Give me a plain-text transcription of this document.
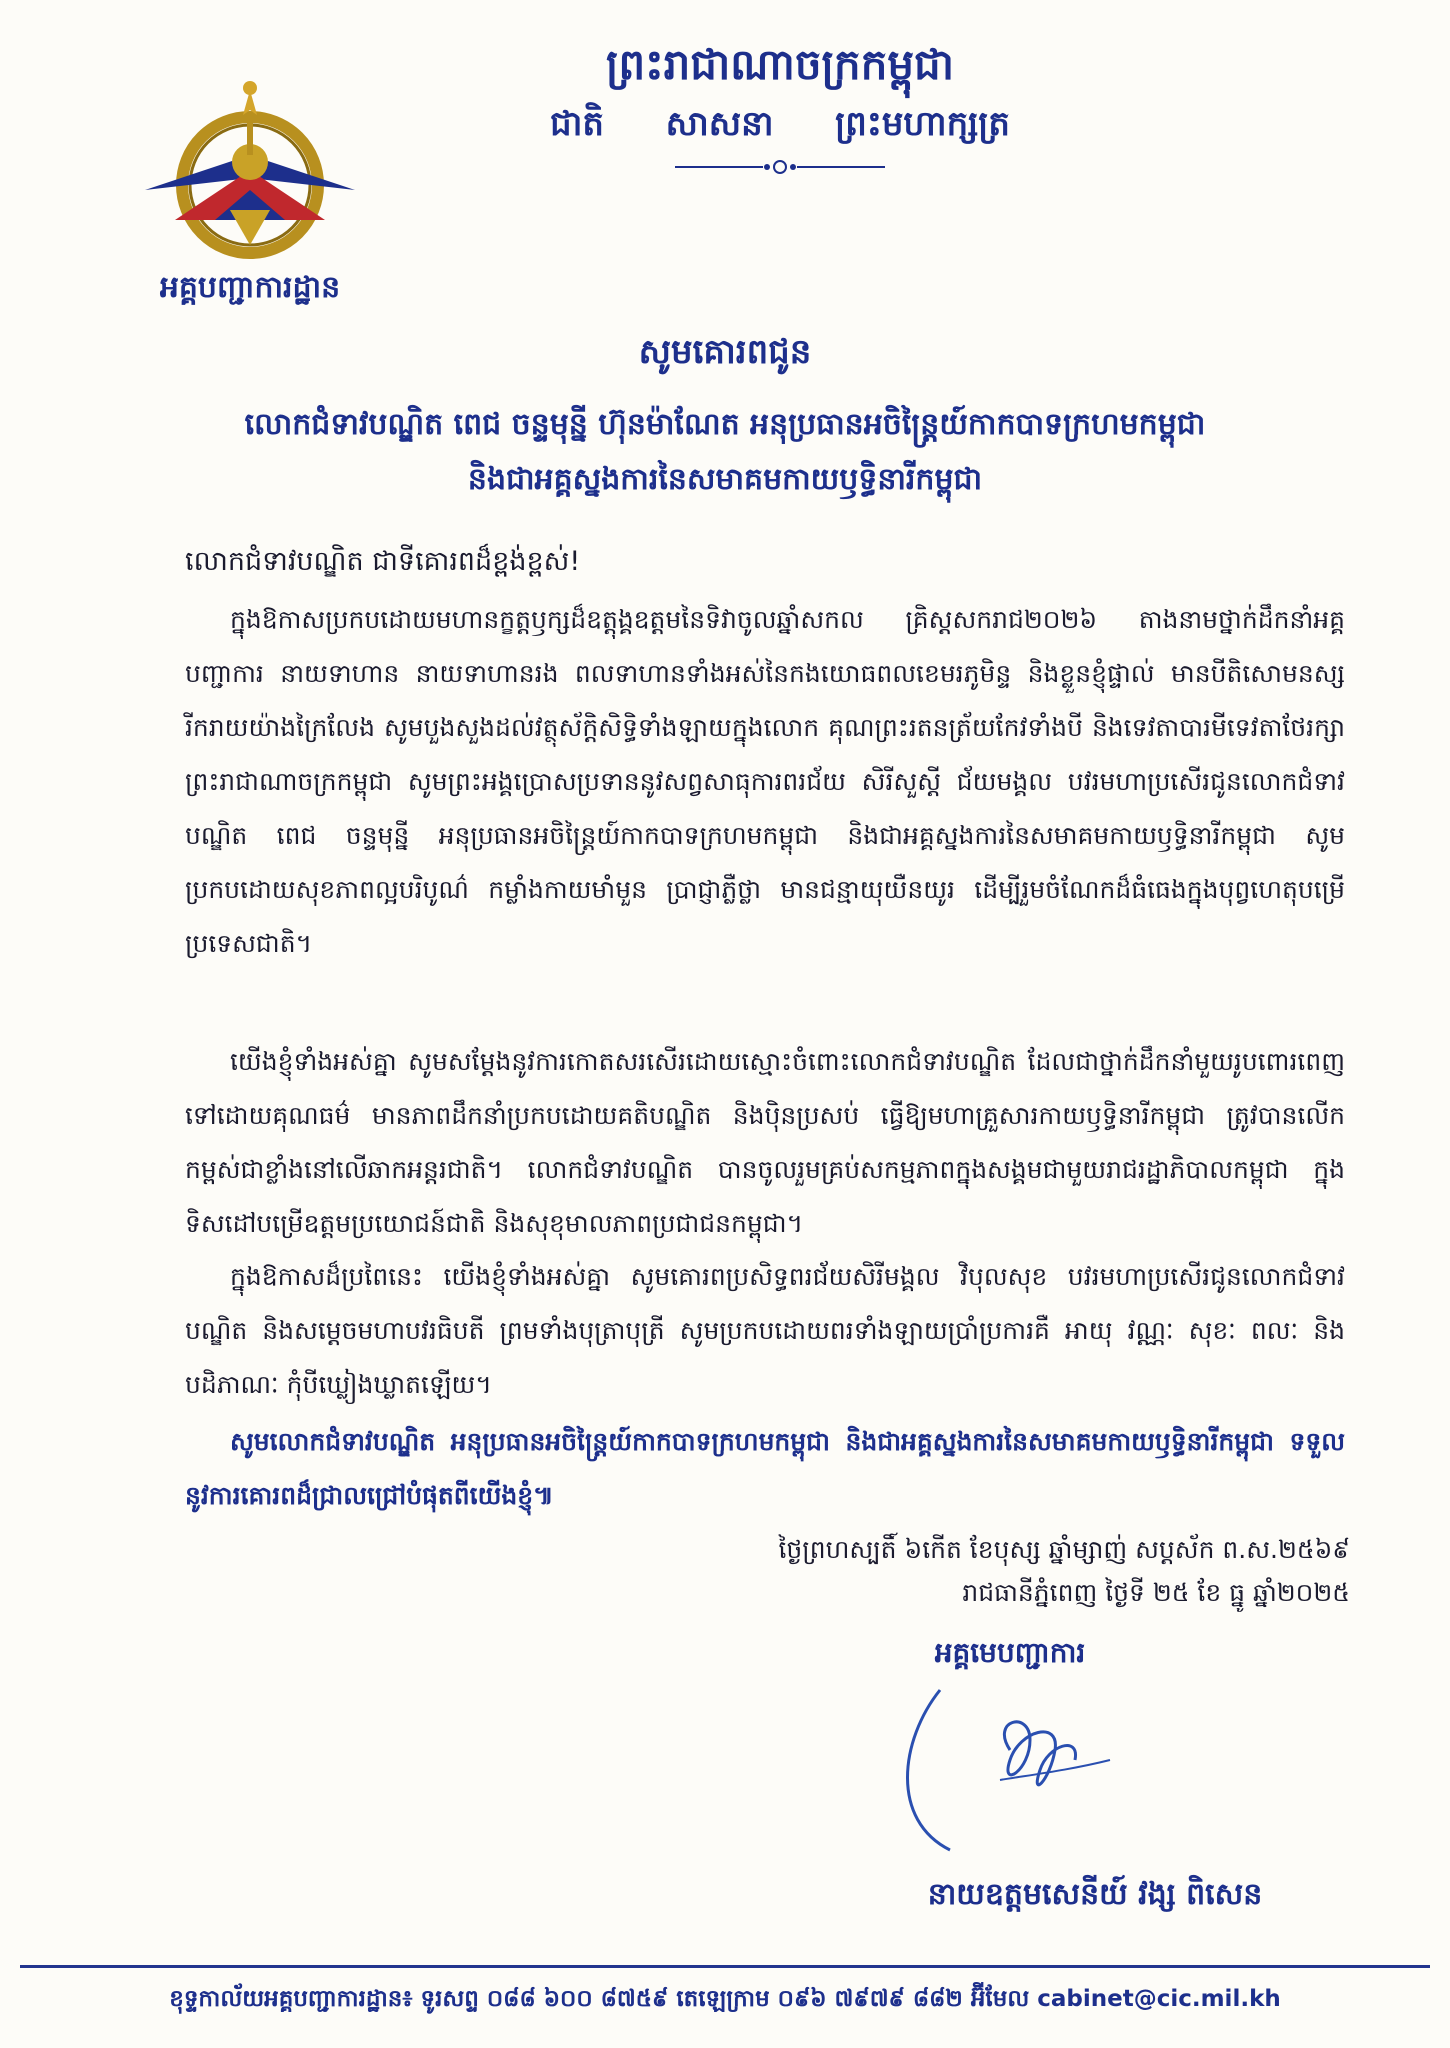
អគ្គបញ្ជាការដ្ឋាន
ព្រះរាជាណាចក្រកម្ពុជា
ជាតិ សាសនា ព្រះមហាក្សត្រ
សូមគោរពជូន
លោកជំទាវបណ្ឌិត ពេជ ចន្ទមុន្នី ហ៊ុនម៉ាណែត អនុប្រធានអចិន្ត្រៃយ៍កាកបាទក្រហមកម្ពុជា
និងជាអគ្គស្នងការនៃសមាគមកាយឫទ្ធិនារីកម្ពុជា
លោកជំទាវបណ្ឌិត ជាទីគោរពដ៏ខ្ពង់ខ្ពស់!

ក្នុងឱកាសប្រកបដោយមហានក្ខត្តឫក្សដ៏ឧត្តុង្គឧត្តមនៃទិវាចូលឆ្នាំសកល គ្រិស្តសករាជ២០២៦ តាងនាមថ្នាក់ដឹកនាំអគ្គបញ្ជាការ នាយទាហាន នាយទាហានរង ពលទាហានទាំងអស់នៃកងយោធពលខេមរភូមិន្ទ និងខ្លួនខ្ញុំផ្ទាល់ មានបីតិសោមនស្សរីករាយយ៉ាងក្រៃលែង សូមបួងសួងដល់វត្ថុស័ក្តិសិទ្ធិទាំងឡាយក្នុងលោក គុណព្រះរតនត្រ័យកែវទាំងបី និងទេវតាបារមីទេវតាថែរក្សាព្រះរាជាណាចក្រកម្ពុជា សូមព្រះអង្គប្រោសប្រទាននូវសព្វសាធុការពរជ័យ សិរីសួស្តី ជ័យមង្គល បវរមហាប្រសើរជូនលោកជំទាវបណ្ឌិត ពេជ ចន្ទមុន្នី អនុប្រធានអចិន្ត្រៃយ៍កាកបាទក្រហមកម្ពុជា និងជាអគ្គស្នងការនៃសមាគមកាយឫទ្ធិនារីកម្ពុជា សូមប្រកបដោយសុខភាពល្អបរិបូណ៌ កម្លាំងកាយមាំមួន ប្រាជ្ញាភ្លឺថ្លា មានជន្មាយុយឺនយូរ ដើម្បីរួមចំណែកដ៏ធំធេងក្នុងបុព្វហេតុបម្រើប្រទេសជាតិ។

យើងខ្ញុំទាំងអស់គ្នា សូមសម្តែងនូវការកោតសរសើរដោយស្មោះចំពោះលោកជំទាវបណ្ឌិត ដែលជាថ្នាក់ដឹកនាំមួយរូបពោរពេញទៅដោយគុណធម៌ មានភាពដឹកនាំប្រកបដោយគតិបណ្ឌិត និងប៉ិនប្រសប់ ធ្វើឱ្យមហាគ្រួសារកាយឫទ្ធិនារីកម្ពុជា ត្រូវបានលើកកម្ពស់ជាខ្លាំងនៅលើឆាកអន្តរជាតិ។ លោកជំទាវបណ្ឌិត បានចូលរួមគ្រប់សកម្មភាពក្នុងសង្គមជាមួយរាជរដ្ឋាភិបាលកម្ពុជា ក្នុងទិសដៅបម្រើឧត្តមប្រយោជន៍ជាតិ និងសុខុមាលភាពប្រជាជនកម្ពុជា។

ក្នុងឱកាសដ៏ប្រពៃនេះ យើងខ្ញុំទាំងអស់គ្នា សូមគោរពប្រសិទ្ធពរជ័យសិរីមង្គល វិបុលសុខ បវរមហាប្រសើរជូនលោកជំទាវបណ្ឌិត និងសម្តេចមហាបវរធិបតី ព្រមទាំងបុត្រាបុត្រី សូមប្រកបដោយពរទាំងឡាយប្រាំប្រការគឺ អាយុ វណ្ណៈ សុខៈ ពលៈ និងបដិភាណៈ កុំបីឃ្លៀងឃ្លាតឡើយ។

សូមលោកជំទាវបណ្ឌិត អនុប្រធានអចិន្ត្រៃយ៍កាកបាទក្រហមកម្ពុជា និងជាអគ្គស្នងការនៃសមាគមកាយឫទ្ធិនារីកម្ពុជា ទទួលនូវការគោរពដ៏ជ្រាលជ្រៅបំផុតពីយើងខ្ញុំ៕

ថ្ងៃព្រហស្បតិ៍ ៦កើត ខែបុស្ស ឆ្នាំម្សាញ់ សប្តស័ក ព.ស.២៥៦៩
រាជធានីភ្នំពេញ ថ្ងៃទី ២៥ ខែ ធ្នូ ឆ្នាំ២០២៥
អគ្គមេបញ្ជាការ
នាយឧត្តមសេនីយ៍ វង្ស ពិសេន
ខុទ្ទកាល័យអគ្គបញ្ជាការដ្ឋាន៖ ទូរសព្ទ ០៨៨ ៦០០ ៨៧៥៩ តេឡេក្រាម ០៩៦ ៧៩៧៩ ៨៨២ អ៊ីមែល cabinet@cic.mil.kh
